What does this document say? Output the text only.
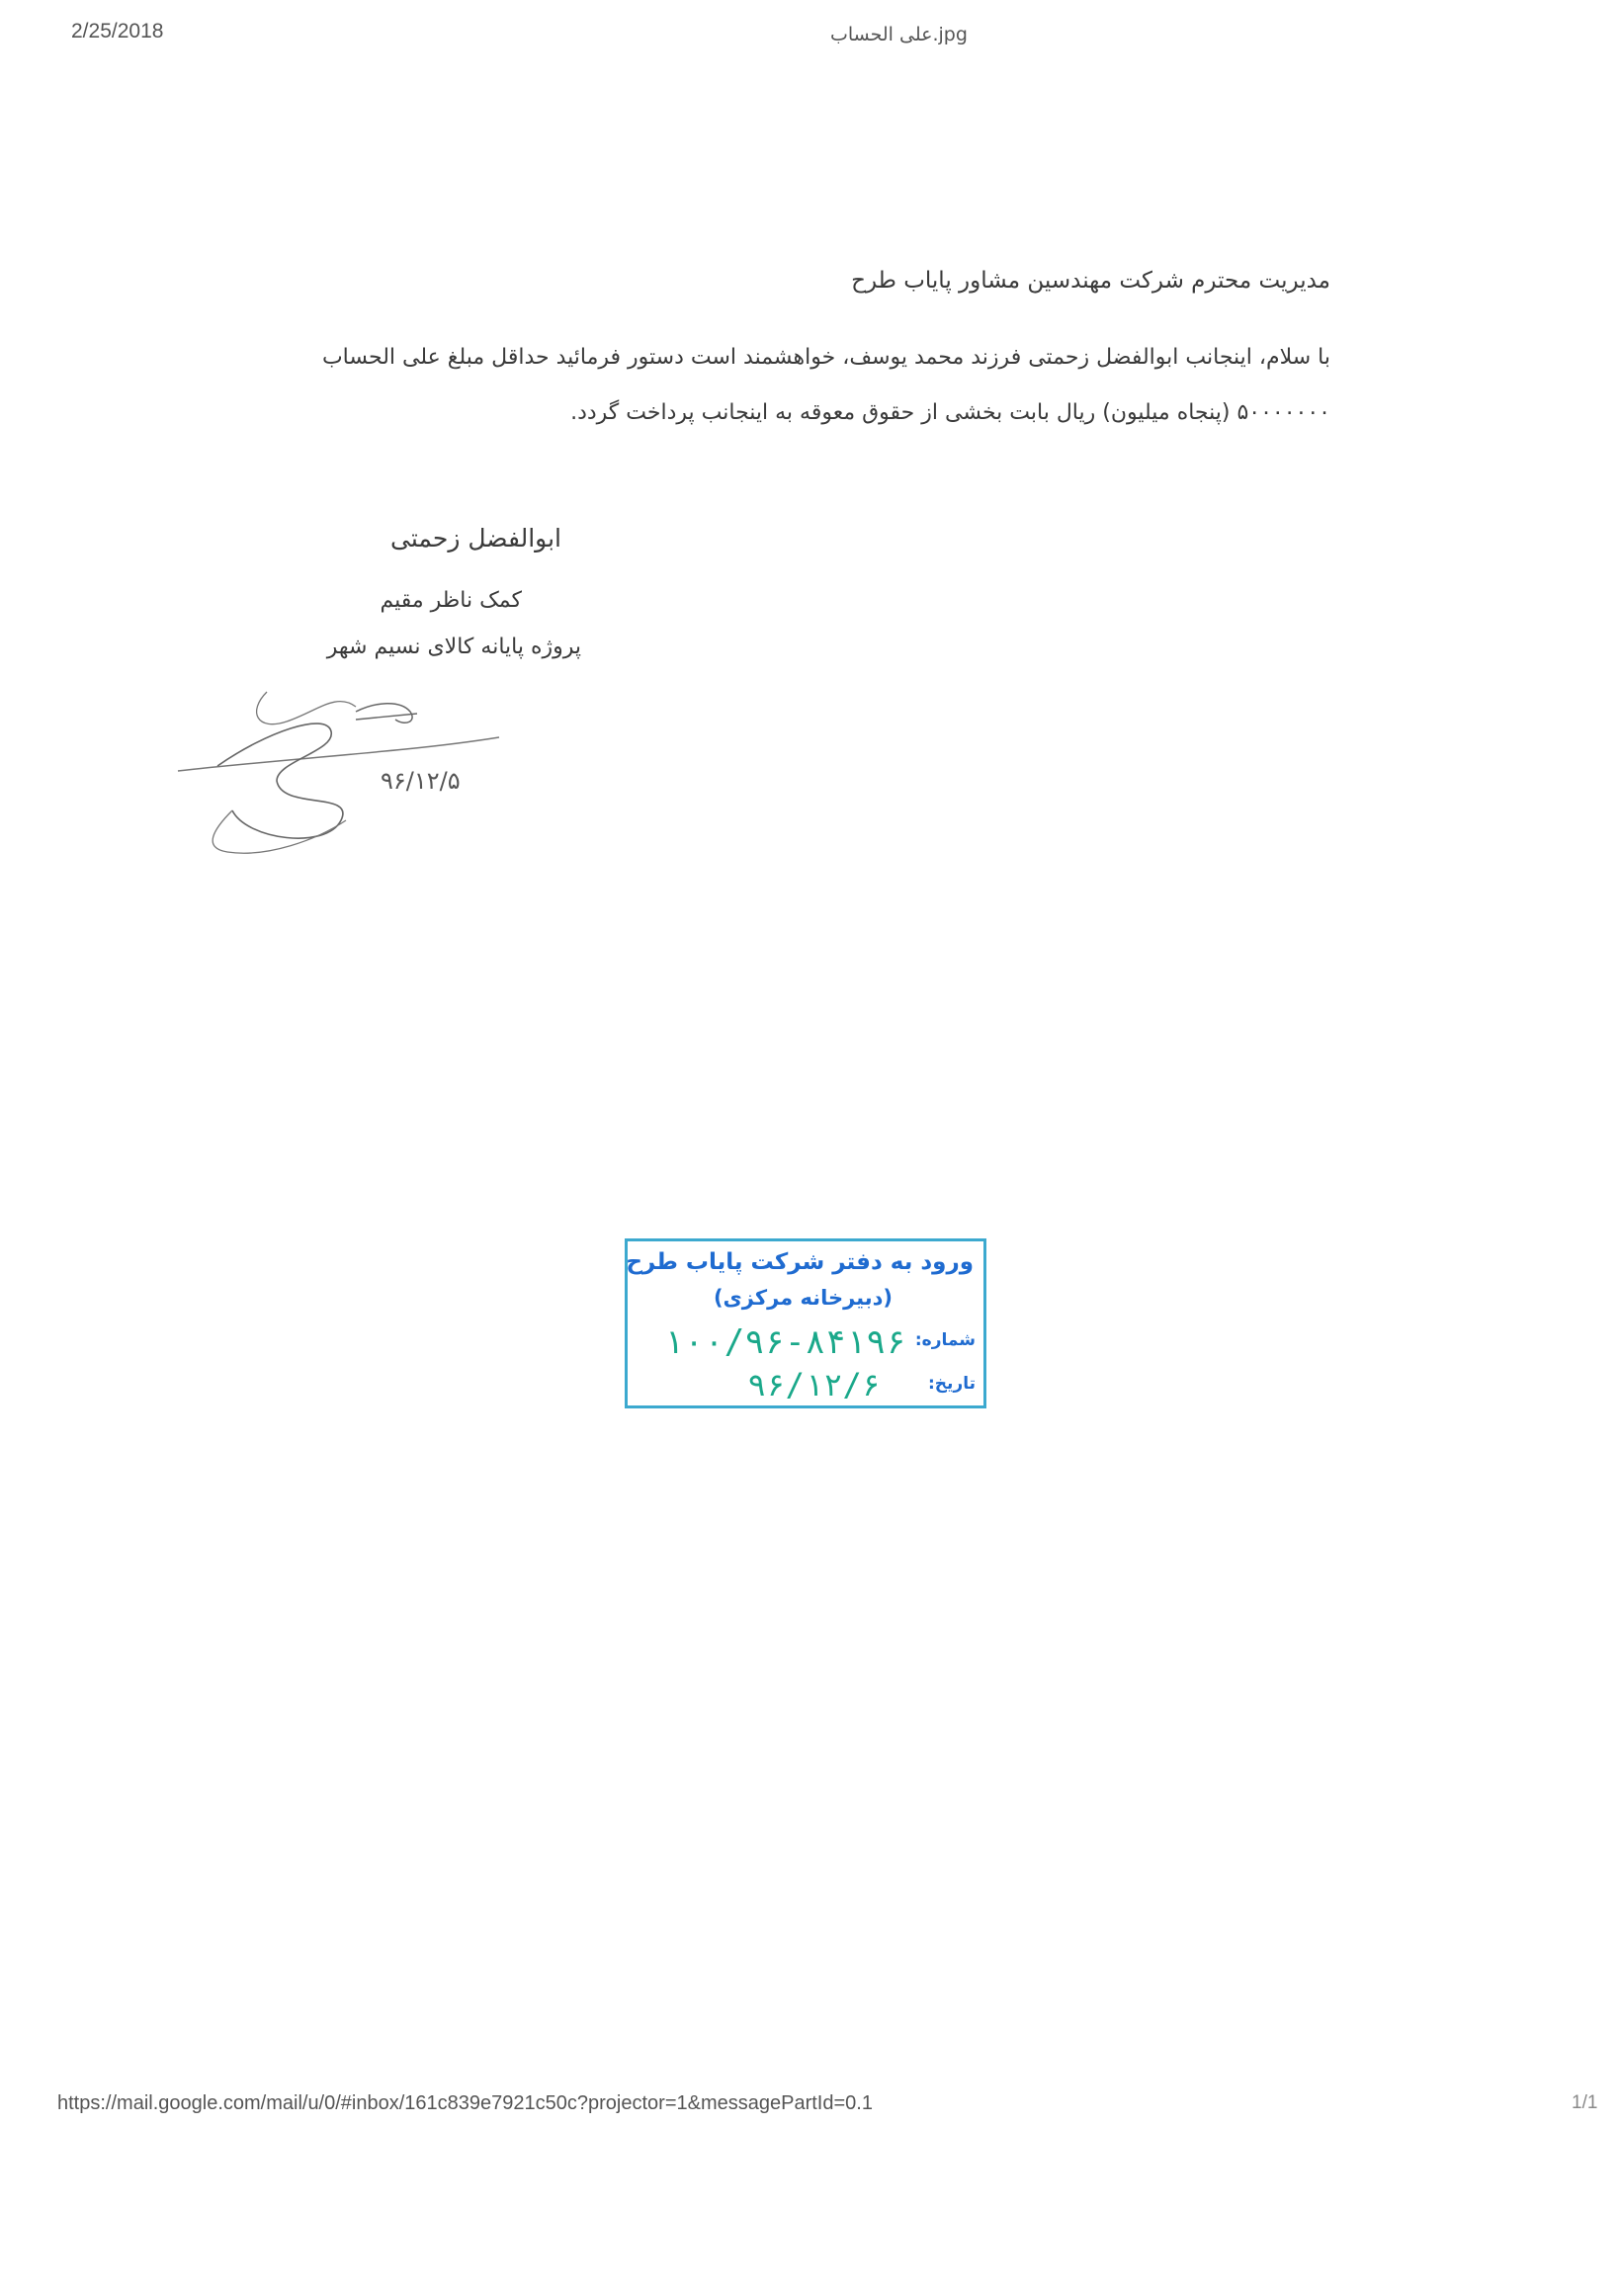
2/25/2018	علی الحساب.jpg

مدیریت محترم شرکت مهندسین مشاور پایاب طرح

با سلام، اینجانب ابوالفضل زحمتی فرزند محمد یوسف، خواهشمند است دستور فرمائید حداقل مبلغ علی الحساب ۵۰۰۰۰۰۰۰ (پنجاه میلیون) ریال بابت بخشی از حقوق معوقه به اینجانب پرداخت گردد.

ابوالفضل زحمتی

کمک ناظر مقیم

پروژه پایانه کالای نسیم شهر

۹۶/۱۲/۵
ورود به دفتر شرکت پایاب طرح
(دبیرخانه مرکزی)
شماره:
۱۰۰/۹۶-۸۴۱۹۶
تاریخ:
۹۶/۱۲/۶
https://mail.google.com/mail/u/0/#inbox/161c839e7921c50c?projector=1&messagePartId=0.1	1/1
